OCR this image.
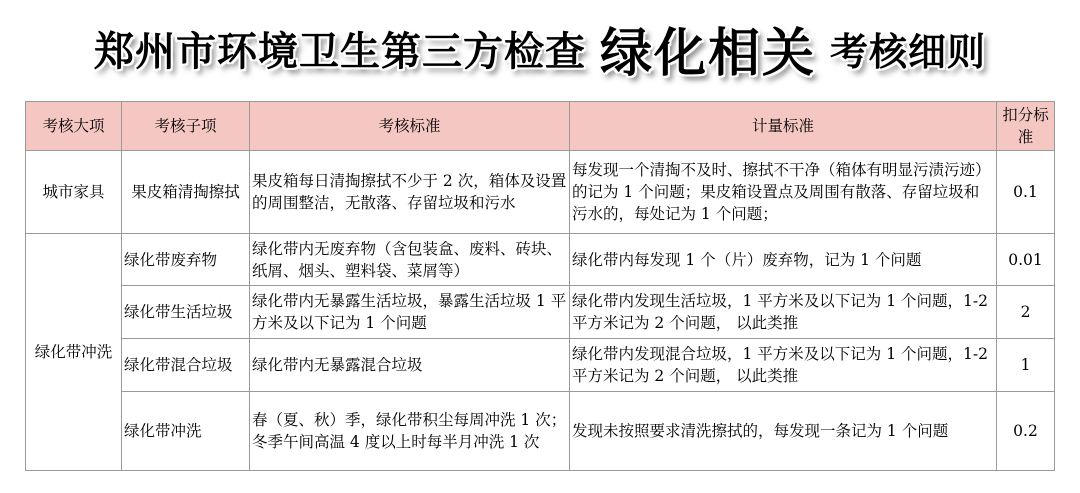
郑州市环境卫生第三方检查 绿化相关 考核细则
考核大项	考核子项	考核标准	计量标准	扣分标准
城市家具	果皮箱清掏擦拭	果皮箱每日清掏擦拭不少于 2 次，箱体及设置的周围整洁，无散落、存留垃圾和污水	每发现一个清掏不及时、擦拭不干净（箱体有明显污渍污迹）的记为 1 个问题；果皮箱设置点及周围有散落、存留垃圾和污水的，每处记为 1 个问题；	0.1
绿化带冲洗	绿化带废弃物	绿化带内无废弃物（含包装盒、废料、砖块、纸屑、烟头、塑料袋、菜屑等）	绿化带内每发现 1 个（片）废弃物，记为 1 个问题	0.01
	绿化带生活垃圾	绿化带内无暴露生活垃圾，暴露生活垃圾 1 平方米及以下记为 1 个问题	绿化带内发现生活垃圾，1 平方米及以下记为 1 个问题，1-2 平方米记为 2 个问题， 以此类推	2
	绿化带混合垃圾	绿化带内无暴露混合垃圾	绿化带内发现混合垃圾，1 平方米及以下记为 1 个问题，1-2 平方米记为 2 个问题， 以此类推	1
	绿化带冲洗	春（夏、秋）季，绿化带积尘每周冲洗 1 次；冬季午间高温 4 度以上时每半月冲洗 1 次	发现未按照要求清洗擦拭的，每发现一条记为 1 个问题	0.2
